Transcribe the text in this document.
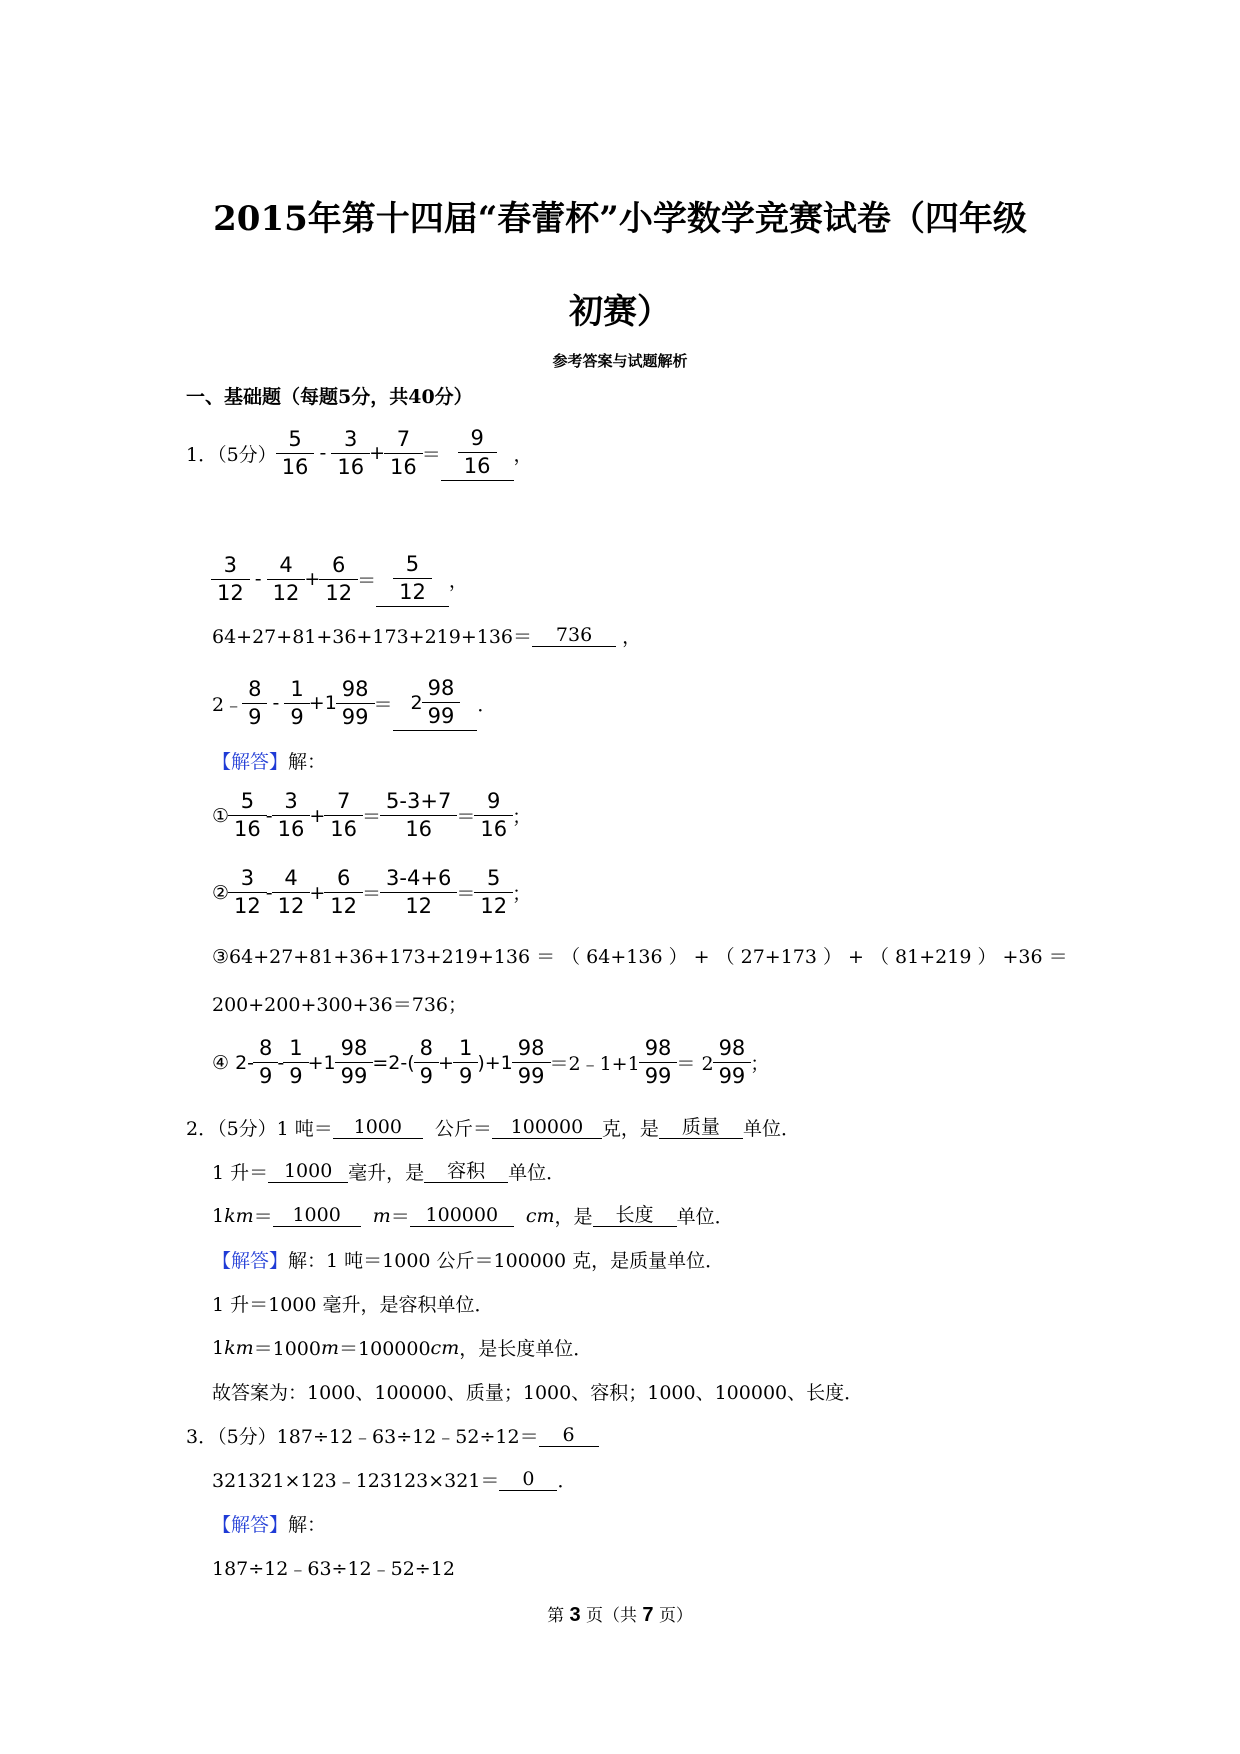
2015年第十四届“春蕾杯”小学数学竞赛试卷（四年级
初赛）
参考答案与试题解析
一、基础题（每题5分，共40分）
1．（5分） $\frac{5}{16} - \frac{3}{16} + \frac{7}{16} = \frac{9}{16}$ ，
$\frac{3}{12} - \frac{4}{12} + \frac{6}{12} = \frac{5}{12}$ ，
64+27+81+36+173+219+136＝	736	，
2﹣ $\frac{8}{9} - \frac{1}{9} + 1 \frac{98}{99} = 2 \frac{98}{99}$ ．
【解答】 解：
① $\frac{5}{16} - \frac{3}{16} + \frac{7}{16} = \frac{5-3+7}{16} = \frac{9}{16}$ ；
② $\frac{3}{12} - \frac{4}{12} + \frac{6}{12} = \frac{3-4+6}{12} = \frac{5}{12}$ ；
③64+27+81+36+173+219+136 ＝ （ 64+136 ） + （ 27+173 ） + （ 81+219 ） +36 ＝
200+200+300+36＝736；
④ $2- \frac{8}{9} - \frac{1}{9} +1 \frac{98}{99} =2-( \frac{8}{9} + \frac{1}{9} )+1 \frac{98}{99}$ ＝2﹣1+1 $\frac{98}{99} = 2 \frac{98}{99}$ ；
2．（5分）1 吨＝	1000
	公斤＝ 100000 克，是	质量	单位．
1 升＝ 1000 毫升，是	容积	单位．
1 km ＝	1000
	m ＝ 100000
	cm ，是	长度	单位．
【解答】 解：1 吨＝1000 公斤＝100000 克，是质量单位．
1 升＝1000 毫升，是容积单位．
1 km ＝1000 m ＝100000 cm ，是长度单位．
故答案为：1000、100000、质量；1000、容积；1000、100000、长度．
3．（5分）187÷12﹣63÷12﹣52÷12＝	6
321321×123﹣123123×321＝	0	．
【解答】 解：
187÷12﹣63÷12﹣52÷12
第 3 页（共 7 页）
